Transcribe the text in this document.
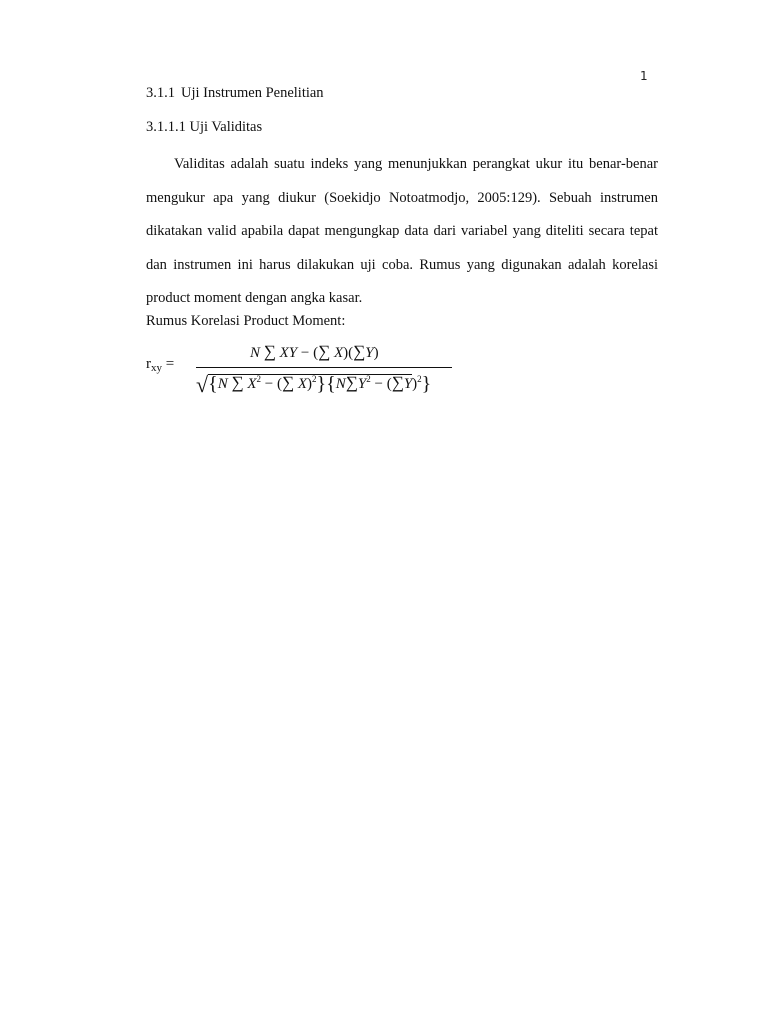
1
3.1.1 Uji Instrumen Penelitian
3.1.1.1 Uji Validitas

Validitas adalah suatu indeks yang menunjukkan perangkat ukur itu benar-benar mengukur apa yang diukur (Soekidjo Notoatmodjo, 2005:129). Sebuah instrumen dikatakan valid apabila dapat mengungkap data dari variabel yang diteliti secara tepat dan instrumen ini harus dilakukan uji coba. Rumus yang digunakan adalah korelasi product moment dengan angka kasar.

Rumus Korelasi Product Moment:
$r_{xy}$ =
N ∑ XY − (∑ X)(∑Y)
√{N ∑ $X^2$ − (∑ $X)^2\}\{N\sum Y^2 - (\sum Y)^2\}$
